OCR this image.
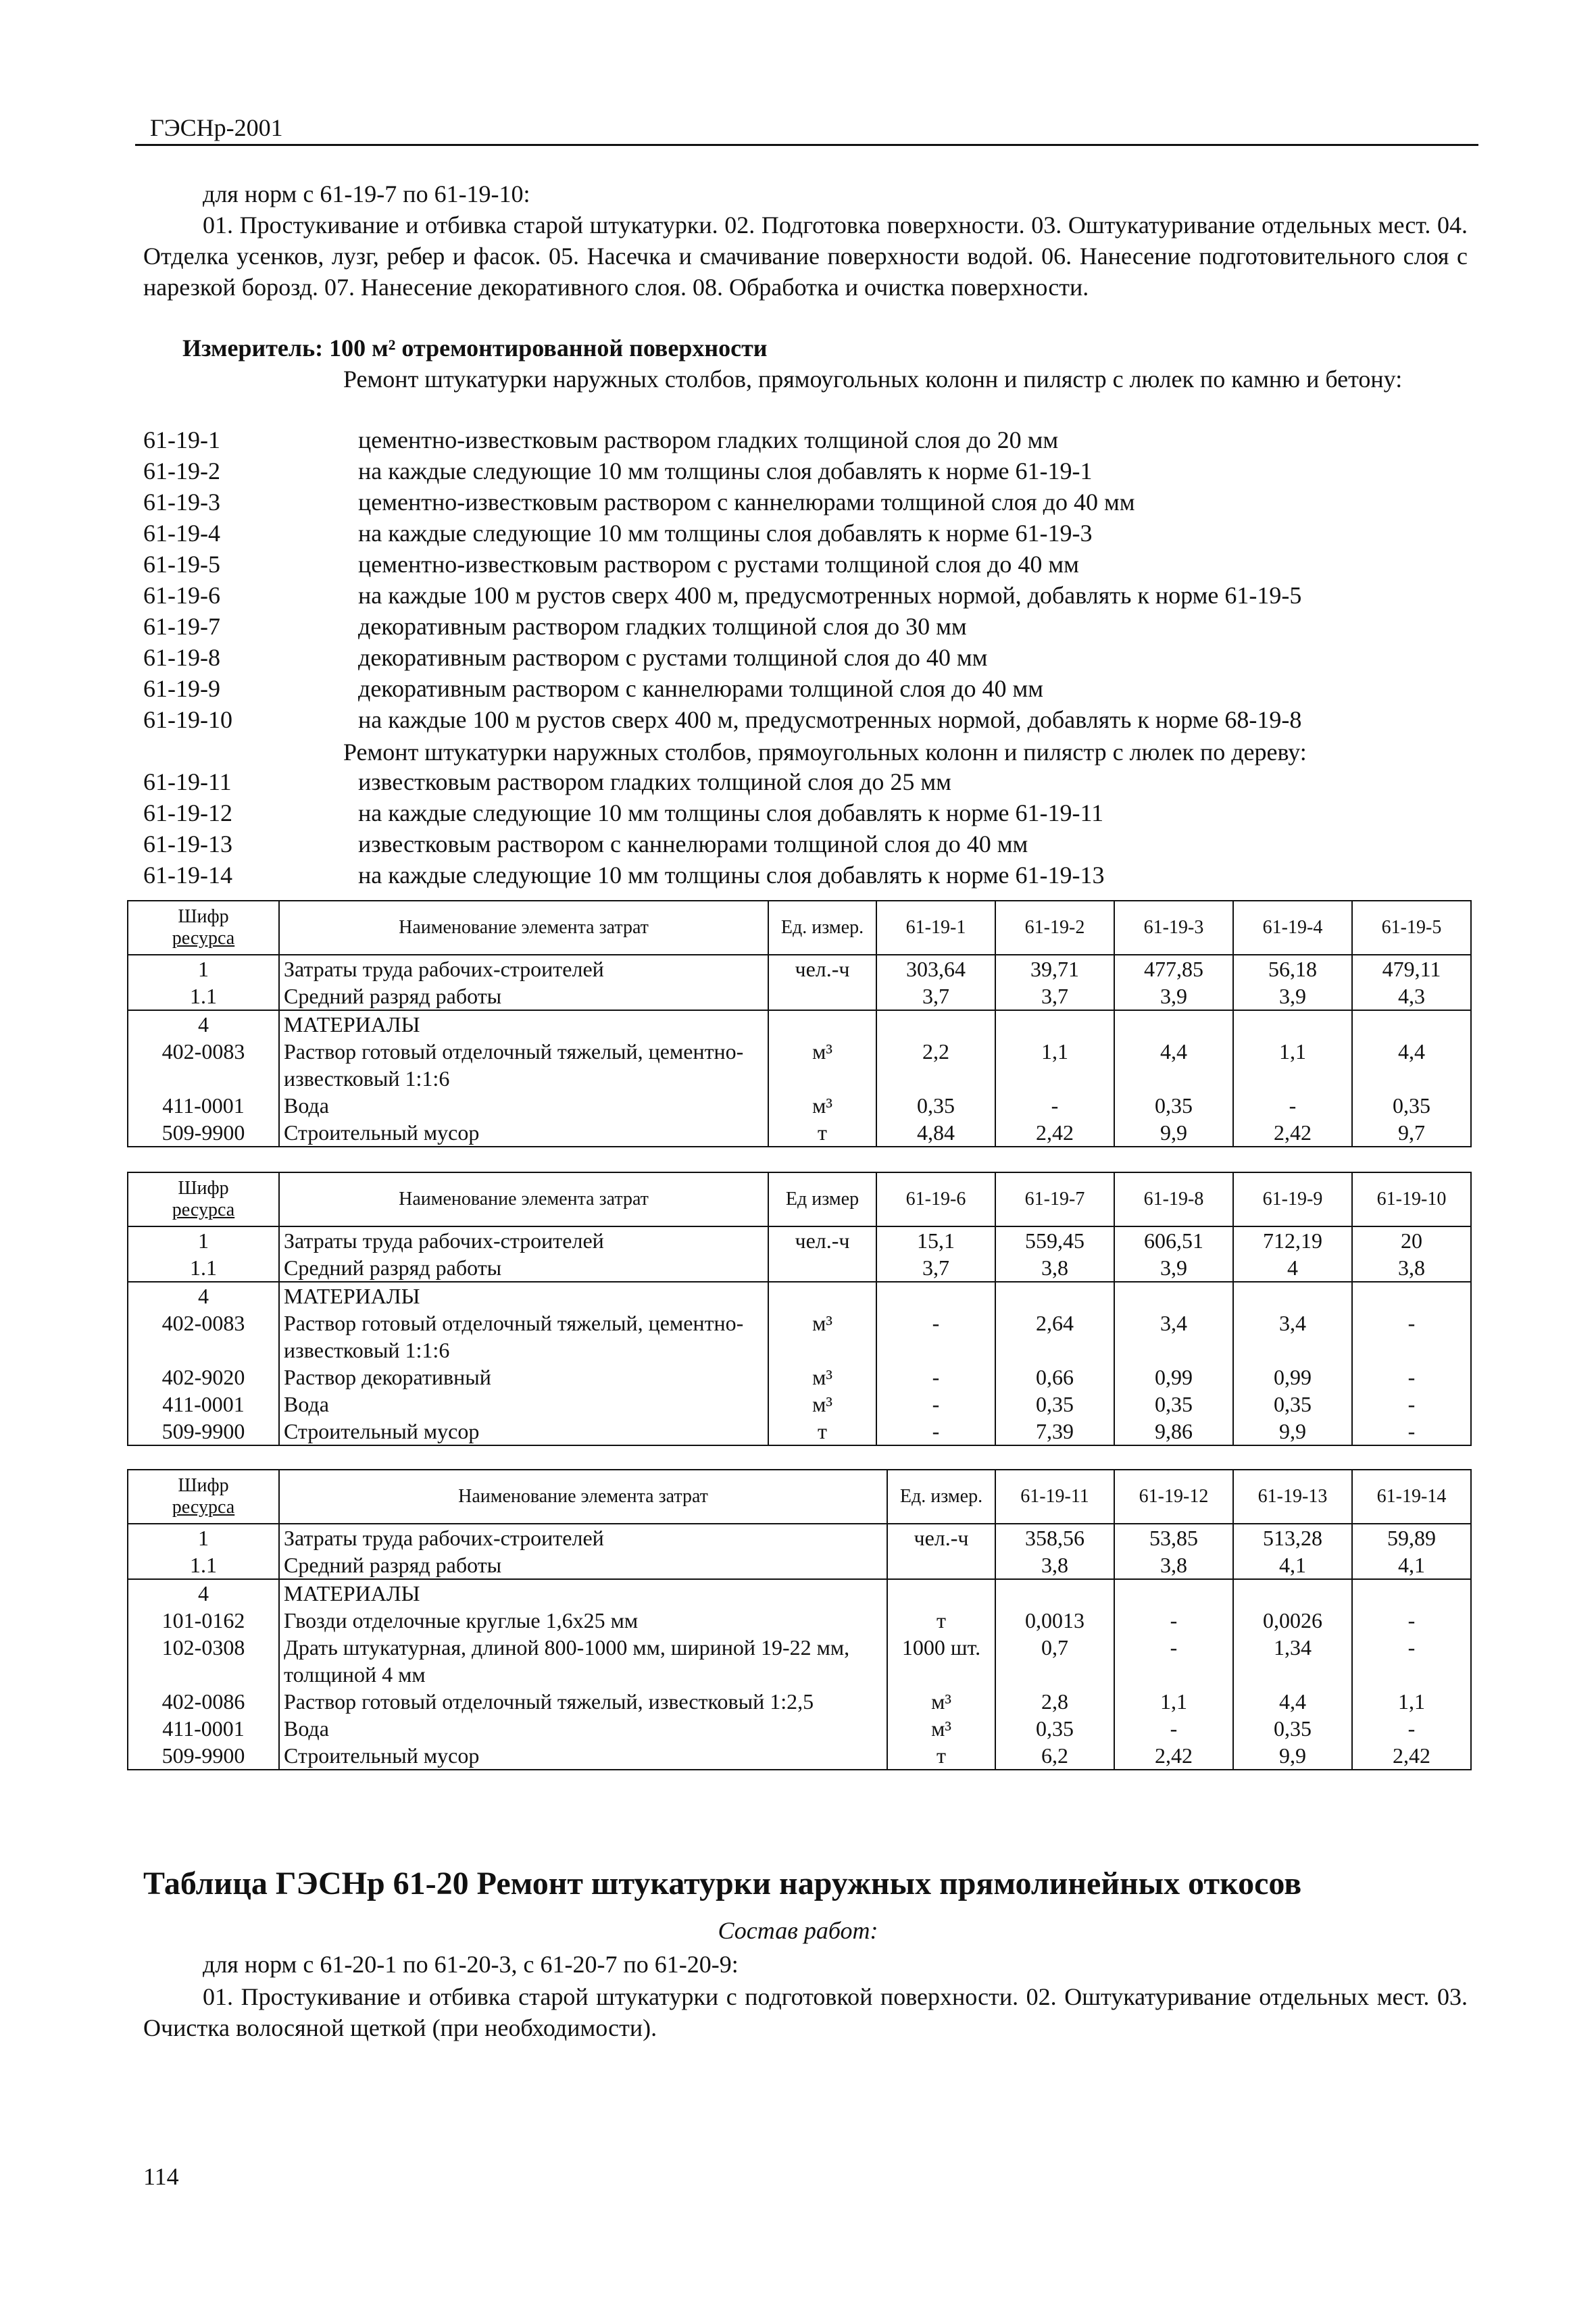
ГЭСНр-2001
для норм с 61-19-7 по 61-19-10:
01. Простукивание и отбивка старой штукатурки. 02. Подготовка поверхности. 03. Оштукатуривание отдельных мест. 04. Отделка усенков, лузг, ребер и фасок. 05. Насечка и смачивание поверхности водой. 06. Нанесение подготовительного слоя с нарезкой борозд. 07. Нанесение декоративного слоя. 08. Обработка и очистка поверхности.
Измеритель: 100 м² отремонтированной поверхности
Ремонт штукатурки наружных столбов, прямоугольных колонн и пилястр с люлек по камню и бетону:
61-19-1	цементно-известковым раствором гладких толщиной слоя до 20 мм
61-19-2	на каждые следующие 10 мм толщины слоя добавлять к норме 61-19-1
61-19-3	цементно-известковым раствором с каннелюрами толщиной слоя до 40 мм
61-19-4	на каждые следующие 10 мм толщины слоя добавлять к норме 61-19-3
61-19-5	цементно-известковым раствором с рустами толщиной слоя до 40 мм
61-19-6	на каждые 100 м рустов сверх 400 м, предусмотренных нормой, добавлять к норме 61-19-5
61-19-7	декоративным раствором гладких толщиной слоя до 30 мм
61-19-8	декоративным раствором с рустами толщиной слоя до 40 мм
61-19-9	декоративным раствором с каннелюрами толщиной слоя до 40 мм
61-19-10	на каждые 100 м рустов сверх 400 м, предусмотренных нормой, добавлять к норме 68-19-8
Ремонт штукатурки наружных столбов, прямоугольных колонн и пилястр с люлек по дереву:
61-19-11	известковым раствором гладких толщиной слоя до 25 мм
61-19-12	на каждые следующие 10 мм толщины слоя добавлять к норме 61-19-11
61-19-13	известковым раствором с каннелюрами толщиной слоя до 40 мм
61-19-14	на каждые следующие 10 мм толщины слоя добавлять к норме 61-19-13
Шифр
ресурса	Наименование элемента затрат	Ед. измер.	61-19-1	61-19-2	61-19-3	61-19-4	61-19-5
1	Затраты труда рабочих-строителей	чел.-ч	303,64	39,71	477,85	56,18	479,11
1.1	Средний разряд работы		3,7	3,7	3,9	3,9	4,3
4	МАТЕРИАЛЫ						
402-0083	Раствор готовый отделочный тяжелый, цементно-известковый 1:1:6	м³	2,2	1,1	4,4	1,1	4,4
411-0001	Вода	м³	0,35	-	0,35	-	0,35
509-9900	Строительный мусор	т	4,84	2,42	9,9	2,42	9,7
Шифр
ресурса	Наименование элемента затрат	Ед измер	61-19-6	61-19-7	61-19-8	61-19-9	61-19-10
1	Затраты труда рабочих-строителей	чел.-ч	15,1	559,45	606,51	712,19	20
1.1	Средний разряд работы		3,7	3,8	3,9	4	3,8
4	МАТЕРИАЛЫ						
402-0083	Раствор готовый отделочный тяжелый, цементно-известковый 1:1:6	м³	-	2,64	3,4	3,4	-
402-9020	Раствор декоративный	м³	-	0,66	0,99	0,99	-
411-0001	Вода	м³	-	0,35	0,35	0,35	-
509-9900	Строительный мусор	т	-	7,39	9,86	9,9	-
Шифр
ресурса	Наименование элемента затрат	Ед. измер.	61-19-11	61-19-12	61-19-13	61-19-14
1	Затраты труда рабочих-строителей	чел.-ч	358,56	53,85	513,28	59,89
1.1	Средний разряд работы		3,8	3,8	4,1	4,1
4	МАТЕРИАЛЫ					
101-0162	Гвозди отделочные круглые 1,6х25 мм	т	0,0013	-	0,0026	-
102-0308	Драть штукатурная, длиной 800-1000 мм, шириной 19-22 мм, толщиной 4 мм	1000 шт.	0,7	-	1,34	-
402-0086	Раствор готовый отделочный тяжелый, известковый 1:2,5	м³	2,8	1,1	4,4	1,1
411-0001	Вода	м³	0,35	-	0,35	-
509-9900	Строительный мусор	т	6,2	2,42	9,9	2,42
Таблица ГЭСНр 61-20 Ремонт штукатурки наружных прямолинейных откосов
Состав работ:
для норм с 61-20-1 по 61-20-3, с 61-20-7 по 61-20-9:
01. Простукивание и отбивка старой штукатурки с подготовкой поверхности. 02. Оштукатуривание отдельных мест. 03. Очистка волосяной щеткой (при необходимости).
114
